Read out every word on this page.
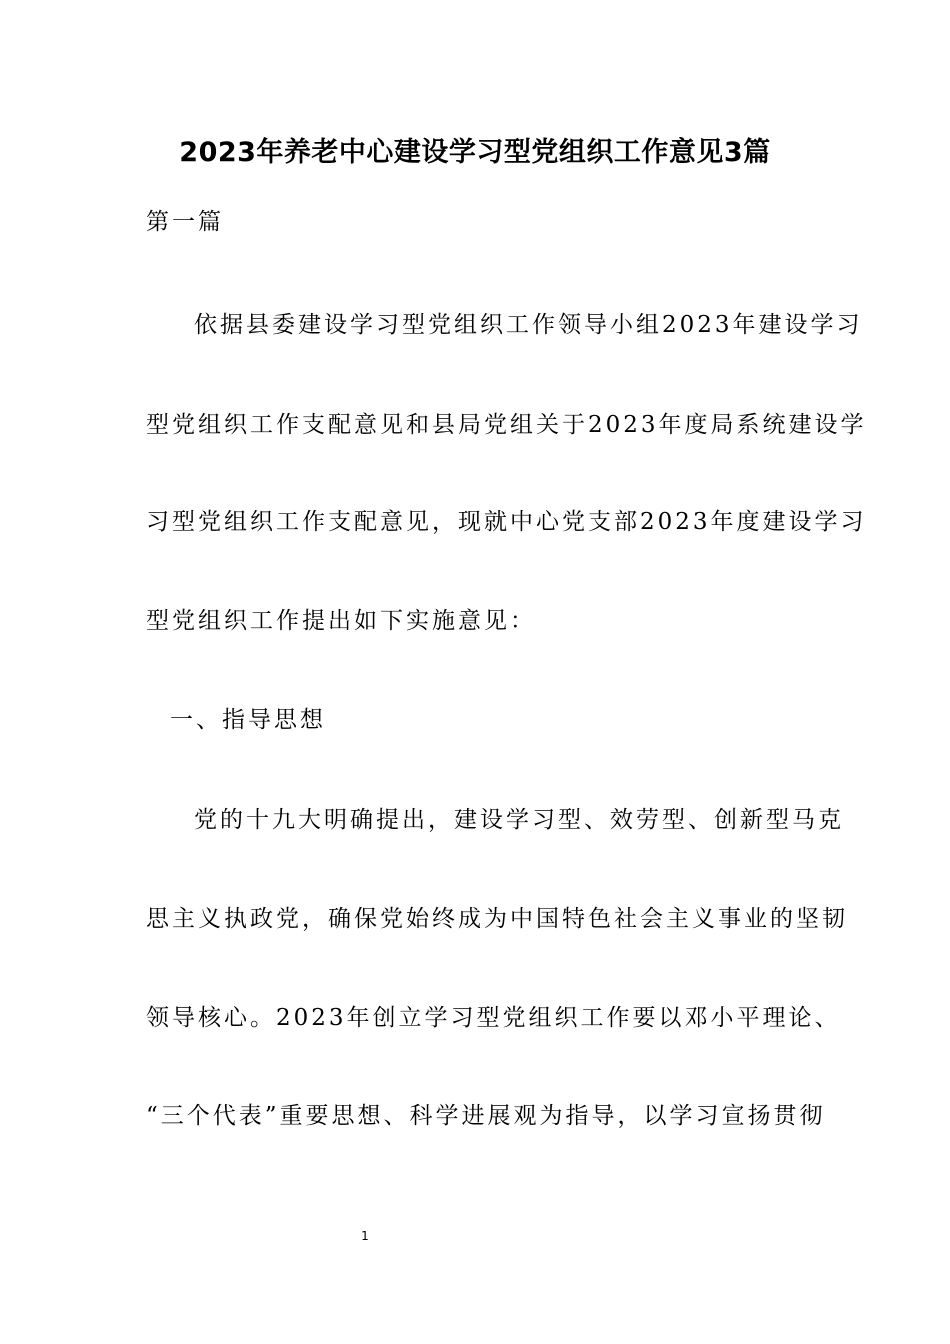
2023年养老中心建设学习型党组织工作意见3篇
第一篇
依据县委建设学习型党组织工作领导小组2023年建设学习
型党组织工作支配意见和县局党组关于2023年度局系统建设学
习型党组织工作支配意见，现就中心党支部2023年度建设学习
型党组织工作提出如下实施意见：
一、指导思想
党的十九大明确提出，建设学习型、效劳型、创新型马克
思主义执政党，确保党始终成为中国特色社会主义事业的坚韧
领导核心。2023年创立学习型党组织工作要以邓小平理论、
“三个代表”重要思想、科学进展观为指导，以学习宣扬贯彻
1
